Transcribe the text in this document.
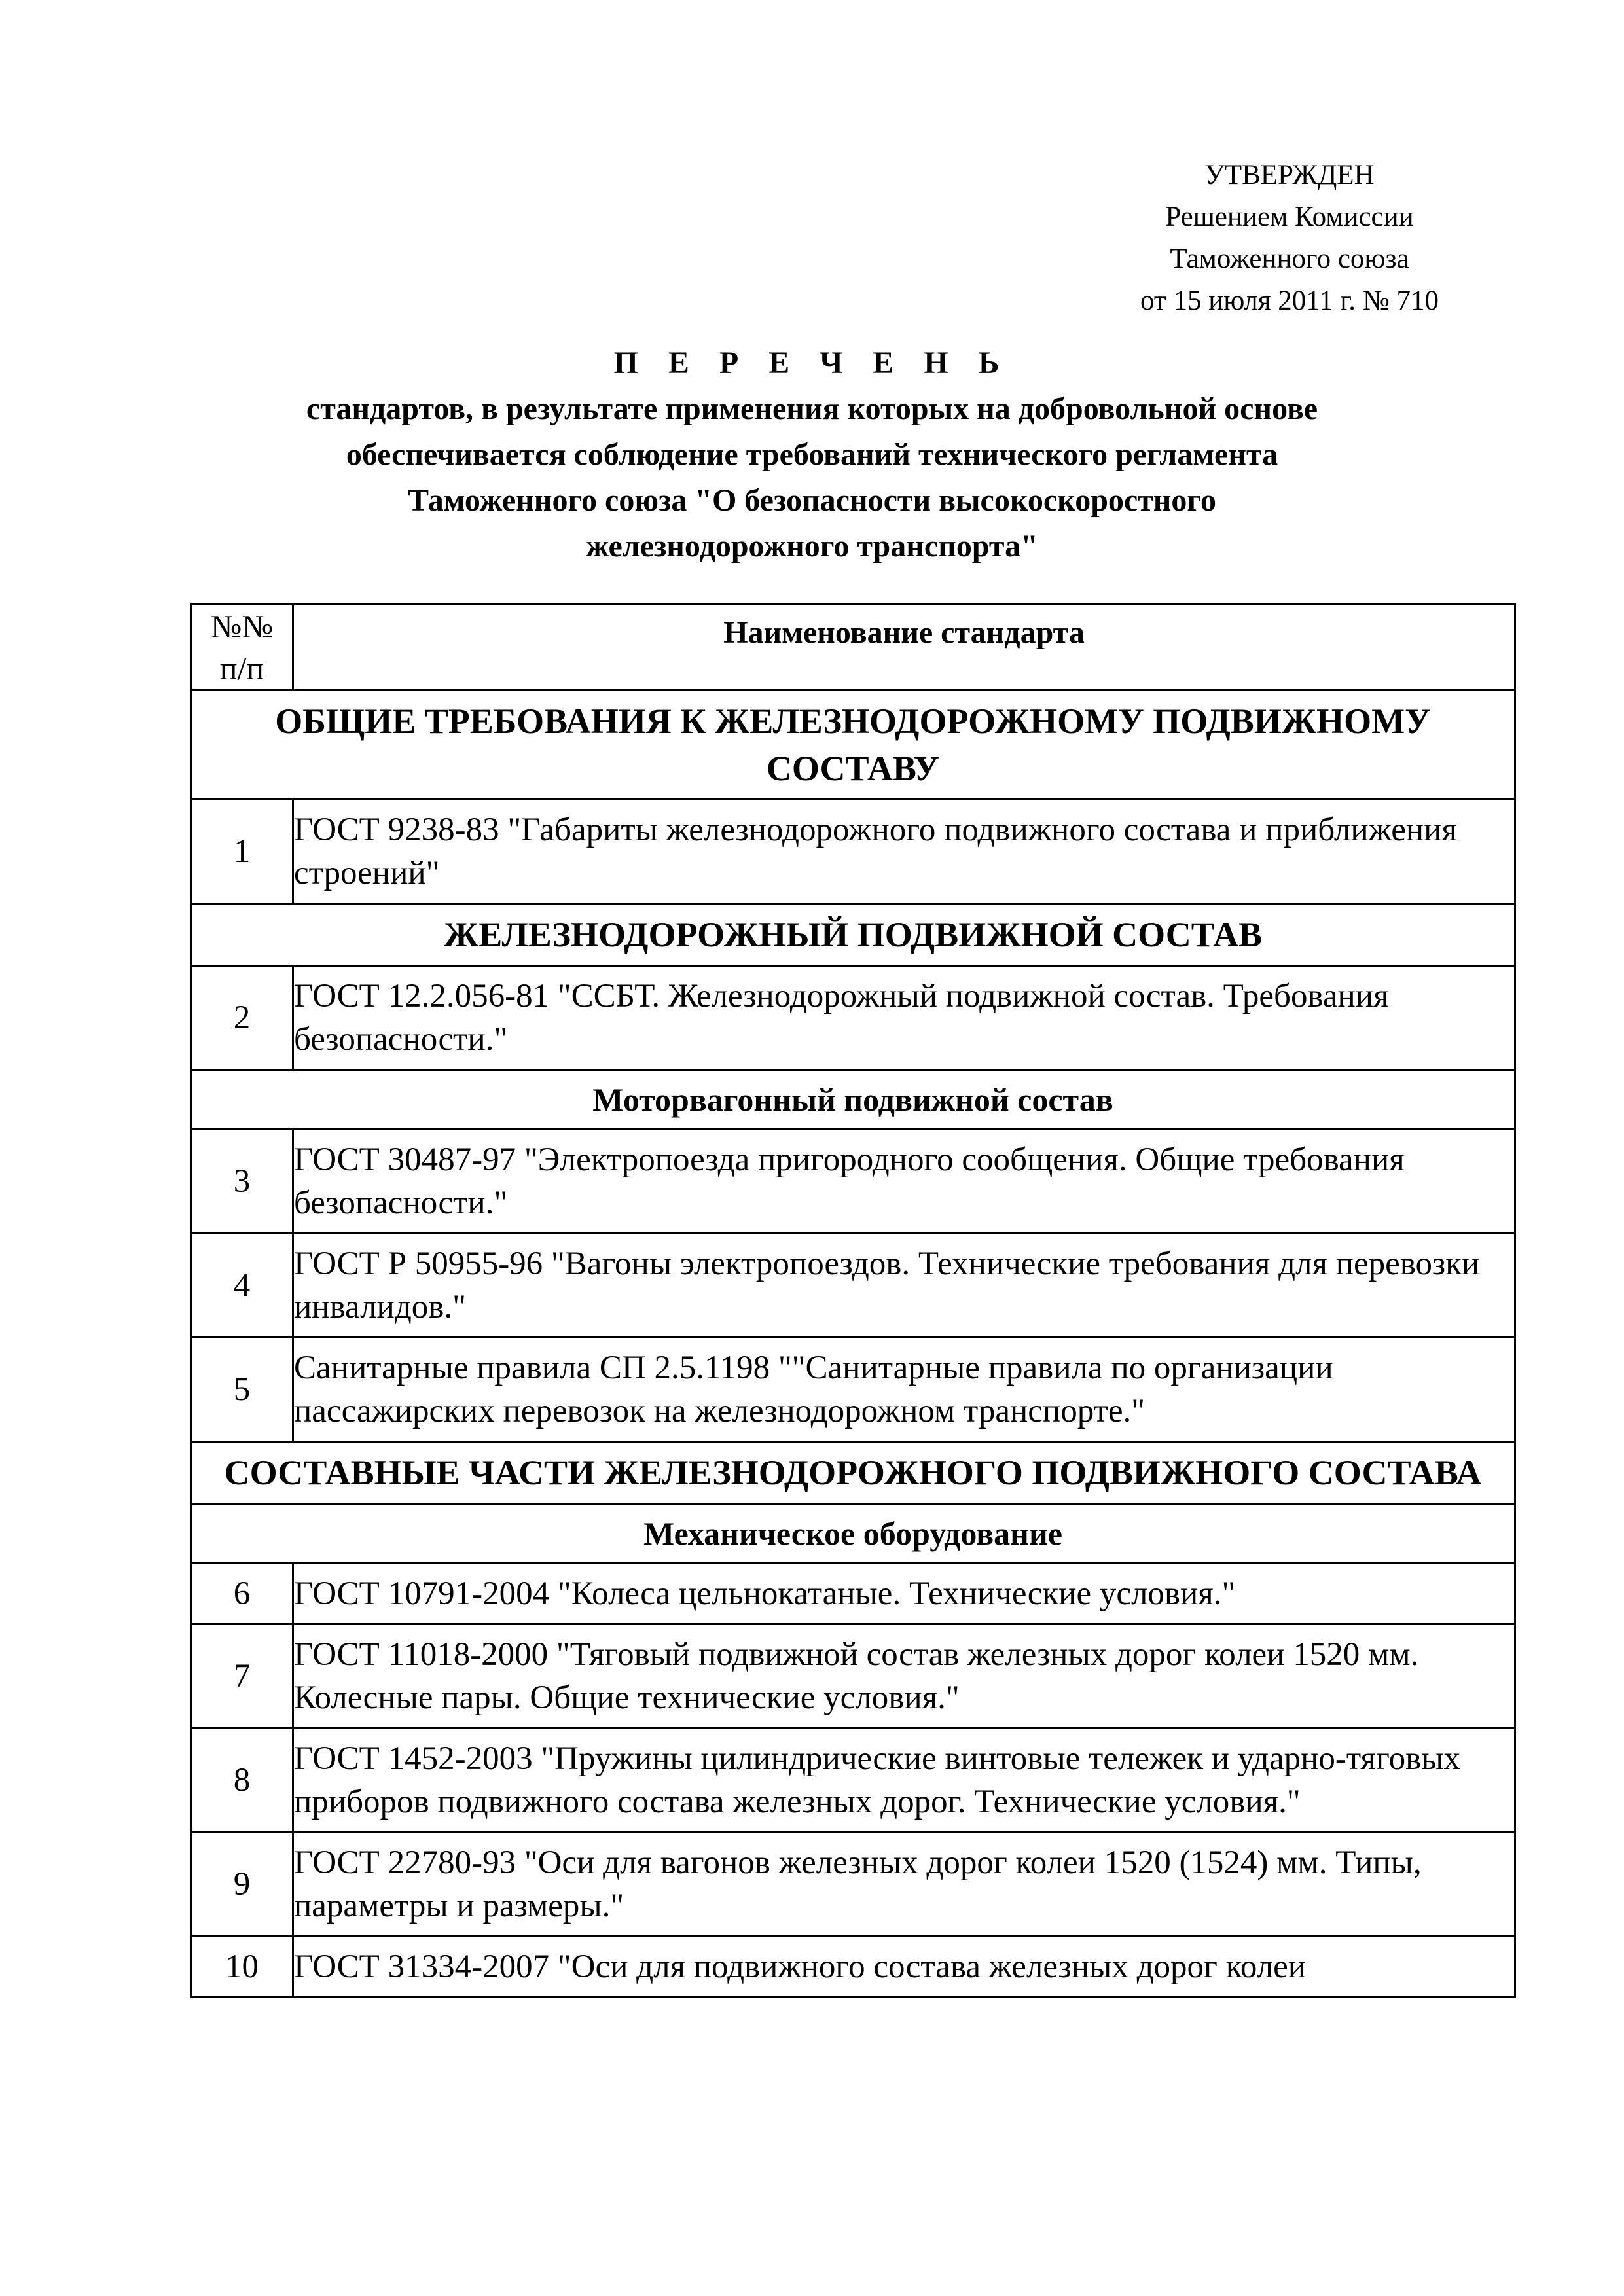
УТВЕРЖДЕН
Решением Комиссии
Таможенного союза
от 15 июля 2011 г. № 710
П Е Р Е Ч Е Н Ь
стандартов, в результате применения которых на добровольной основе
обеспечивается соблюдение требований технического регламента
Таможенного союза "О безопасности высокоскоростного
железнодорожного транспорта"
№№
п/п	Наименование стандарта
ОБЩИЕ ТРЕБОВАНИЯ К ЖЕЛЕЗНОДОРОЖНОМУ ПОДВИЖНОМУ СОСТАВУ	
1	ГОСТ 9238-83 "Габариты железнодорожного подвижного состава и приближения строений"
ЖЕЛЕЗНОДОРОЖНЫЙ ПОДВИЖНОЙ СОСТАВ	
2	ГОСТ 12.2.056-81 "ССБТ. Железнодорожный подвижной состав. Требования безопасности."
Моторвагонный подвижной состав	
3	ГОСТ 30487-97 "Электропоезда пригородного сообщения. Общие требования безопасности."
4	ГОСТ Р 50955-96 "Вагоны электропоездов. Технические требования для перевозки инвалидов."
5	Санитарные правила СП 2.5.1198 ""Санитарные правила по организации пассажирских перевозок на железнодорожном транспорте."
СОСТАВНЫЕ ЧАСТИ ЖЕЛЕЗНОДОРОЖНОГО ПОДВИЖНОГО СОСТАВА	
Механическое оборудование	
6	ГОСТ 10791-2004 "Колеса цельнокатаные. Технические условия."
7	ГОСТ 11018-2000 "Тяговый подвижной состав железных дорог колеи 1520 мм. Колесные пары. Общие технические условия."
8	ГОСТ 1452-2003 "Пружины цилиндрические винтовые тележек и ударно-тяговых приборов подвижного состава железных дорог. Технические условия."
9	ГОСТ 22780-93 "Оси для вагонов железных дорог колеи 1520 (1524) мм. Типы, параметры и размеры."
10	ГОСТ 31334-2007 "Оси для подвижного состава железных дорог колеи
